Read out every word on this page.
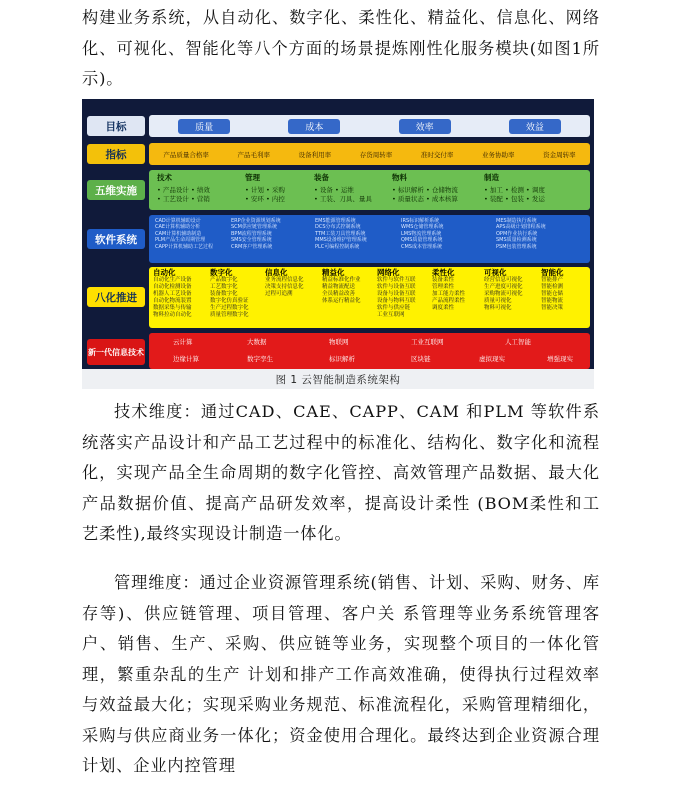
构建业务系统，从自动化、数字化、柔性化、精益化、信息化、网络化、可视化、智能化等八个方面的场景提炼刚性化服务模块(如图1所示)。
目标
指标
五维实施
软件系统
八化推进
新一代信息技术
质量	成本	效率	效益
产品质量合格率	产品毛利率	设备利用率	存货周转率	准时交付率	业务协助率	资金周转率
技术
• 产品设计 • 绩效
• 工艺设计 • 营销
管理
• 计划 • 采购
• 安环 • 内控
装备
• 设备 • 运维
• 工装、刀具、量具
物料
• 标识解析 • 仓储物流
• 质量状态 • 成本核算
制造
• 加工 • 检测 • 调度
• 装配 • 包装 • 发运
CAD计算机辅助设计
CAE计算机辅助分析
CAM计算机辅助制造
PLM产品生命周期管理
CAPP计算机辅助工艺过程
ERP企业资源规划系统
SCM供应链管理系统
BPM流程管理系统
SMS安全管理系统
CRM客户管理系统
EMS能源管理系统
DCS分布式控制系统
TTM工装刀具管理系统
MMS设备维护管理系统
PLC可编程控制系统
IRS标识解析系统
WMS仓储管理系统
LMS物流管理系统
QMS质量管理系统
CMS成本管理系统
MES制造执行系统
APS高级计划排程系统
OPM作业执行系统
SMS质量检测系统
PSM包装管理系统
自动化
自动化生产设备
自动化检测设备
机器人工艺设备
自动化物流装置
数据采集与传输
物料拉动自动化
数字化
产品数字化
工艺数字化
装备数字化
数字化仿真验证
生产过程数字化
质量管理数字化
信息化
业务流程信息化
决策支持信息化
过程可追溯
精益化
精益标准化作业
精益物流配送
全员精益改善
体系运行精益化
网络化
软件与软件互联
软件与设备互联
设备与设备互联
设备与物料互联
软件与供应链
工业互联网
柔性化
装备柔性
管理柔性
加工能力柔性
产品流程柔性
调度柔性
可视化
经营信息可视化
生产进度可视化
采购物流可视化
质量可视化
物料可视化
智能化
智能排产
智能检测
智能仓储
智能物流
智能决策
云计算	大数据	物联网	工业互联网	人工智能
边缘计算	数字孪生	标识解析	区块链	虚拟现实	增强现实
图 1 云智能制造系统架构
技术维度：通过CAD、CAE、CAPP、CAM 和PLM 等软件系统落实产品设计和产品工艺过程中的标准化、结构化、数字化和流程化，实现产品全生命周期的数字化管控、高效管理产品数据、最大化产品数据价值、提高产品研发效率，提高设计柔性 (BOM柔性和工艺柔性),最终实现设计制造一体化。
管理维度：通过企业资源管理系统(销售、计划、采购、财务、库存等)、供应链管理、项目管理、客户关 系管理等业务系统管理客户、销售、生产、采购、供应链等业务，实现整个项目的一体化管理，繁重杂乱的生产 计划和排产工作高效准确，使得执行过程效率与效益最大化；实现采购业务规范、标准流程化，采购管理精细化，采购与供应商业务一体化；资金使用合理化。最终达到企业资源合理计划、企业内控管理
